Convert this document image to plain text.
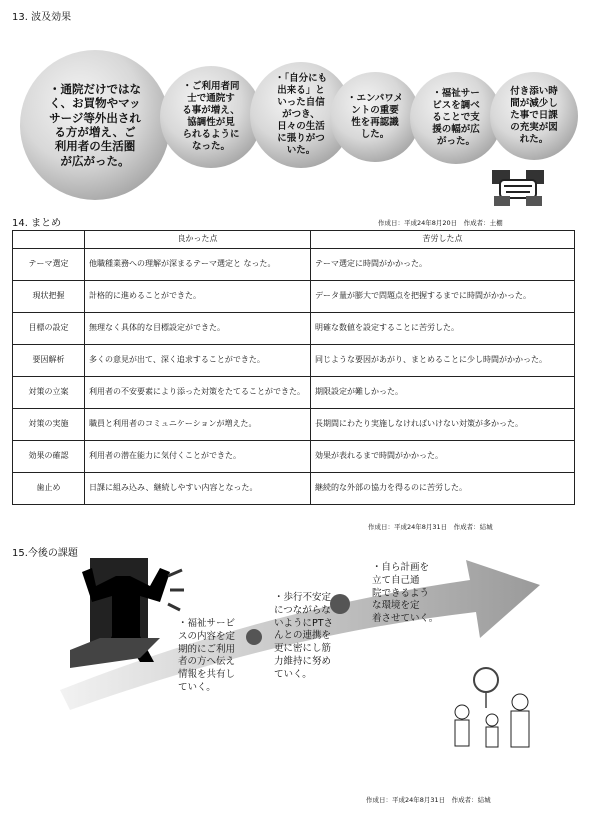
13. 波及効果
・通院だけではな
く、お買物やマッ
サージ等外出され
る方が増え、ご
利用者の生活圏
が広がった。
・ご利用者同
士で通院す
る事が増え、
協調性が見
られるように
なった。
・「自分にも
出来る」と
いった自信
がつき、
日々の生活
に張りがつ
いた。
・エンパワメ
ントの重要
性を再認識
した。
・福祉サー
ビスを調べ
ることで支
援の幅が広
がった。
付き添い時
間が減少し
た事で日課
の充実が図
れた。
14. まとめ	作成日：平成24年8月20日　作成者：土棚
	良かった点	苦労した点
テーマ選定	他職種業務への理解が深まるテーマ選定と なった。	テーマ選定に時間がかかった。
現状把握	計格的に進めることができた。	データ量が膨大で問題点を把握するまでに時間がかかった。
目標の設定	無理なく具体的な目標設定ができた。	明確な数値を設定することに苦労した。
要因解析	多くの意見が出て、深く追求することができた。	同じような要因があがり、まとめることに少し時間がかかった。
対策の立案	利用者の不安要素により添った対策をたてることができた。	期限設定が難しかった。
対策の実施	職員と利用者のコミュニケーションが増えた。	長期間にわたり実施しなければいけない対策が多かった。
効果の確認	利用者の潜在能力に気付くことができた。	効果が表れるまで時間がかかった。
歯止め	日課に組み込み、継続しやすい内容となった。	継続的な外部の協力を得るのに苦労した。
作成日：平成24年8月31日　作成者：結城
15.今後の課題
・福祉サービ
スの内容を定
期的にご利用
者の方へ伝え
情報を共有し
ていく。
・歩行不安定
につながらな
いようにPTさ
んとの連携を
更に密にし筋
力維持に努め
ていく。
・自ら計画を
立て自己通
院できるよう
な環境を定
着させていく。
作成日：平成24年8月31日　作成者：結城
